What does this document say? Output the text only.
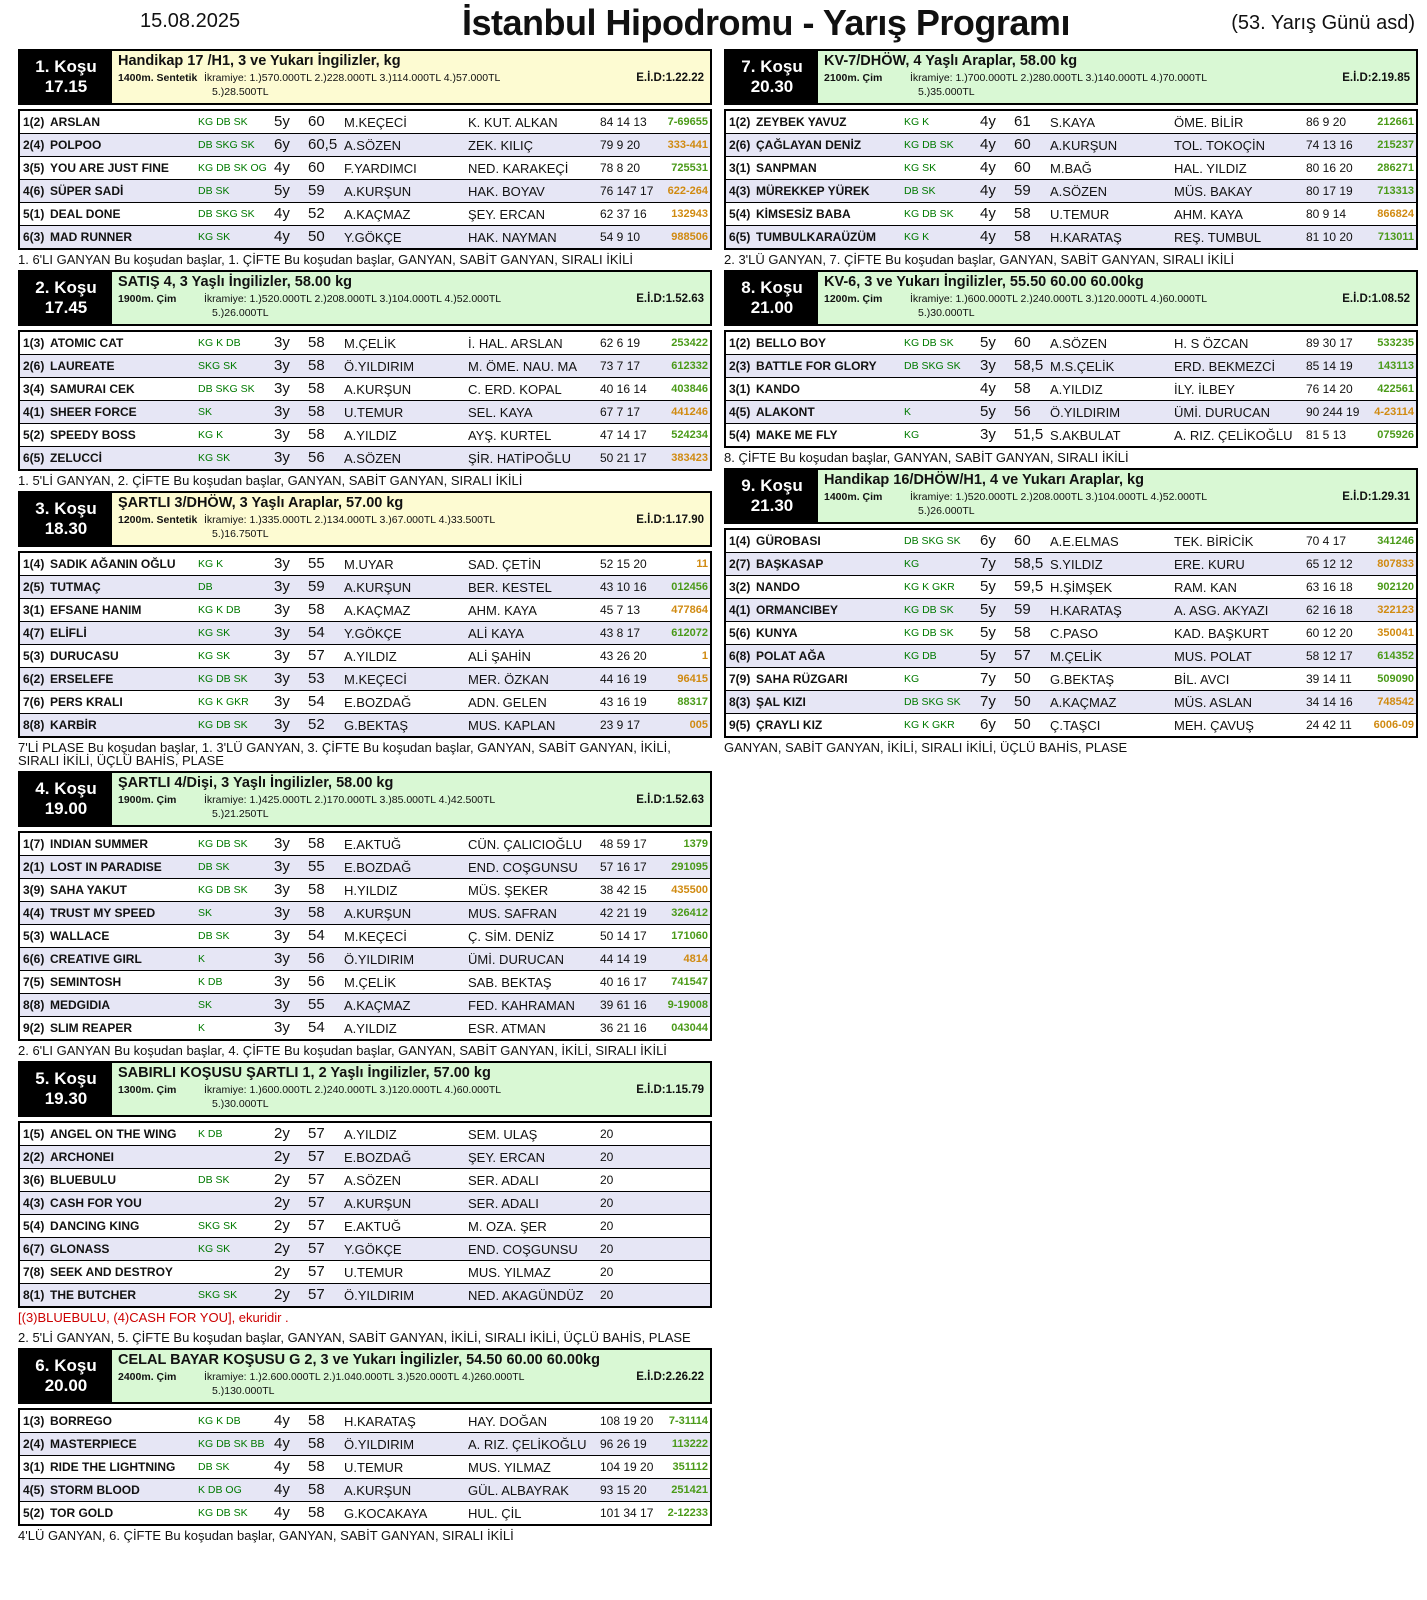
15.08.2025	İstanbul Hipodromu - Yarış Programı	(53. Yarış Günü asd)
1. Koşu
17.15
Handikap 17 /H1, 3 ve Yukarı İngilizler, kg
1400m. Sentetik İkramiye: 1.)570.000TL 2.)228.000TL 3.)114.000TL 4.)57.000TL
5.)28.500TL
E.İ.D:1.22.22
1(2) ARSLAN	KG DB SK 5y 60 M.KEÇECİ	K. KUT. ALKAN	84 14 13 7-69655
2(4) POLPOO	DB SKG SK 6y 60,5 A.SÖZEN	ZEK. KILIÇ	79 9 20	333-441
3(5) YOU ARE JUST FINE	KG DB SK OG 4y 60 F.YARDIMCI	NED. KARAKEÇİ	78 8 20	725531
4(6) SÜPER SADİ	DB SK	5y 59 A.KURŞUN	HAK. BOYAV	76 147 17 622-264
5(1) DEAL DONE	DB SKG SK 4y 52 A.KAÇMAZ	ŞEY. ERCAN	62 37 16 132943
6(3) MAD RUNNER	KG SK	4y 50 Y.GÖKÇE	HAK. NAYMAN	54 9 10	988506
1. 6'LI GANYAN Bu koşudan başlar, 1. ÇİFTE Bu koşudan başlar, GANYAN, SABİT GANYAN, SIRALI İKİLİ
2. Koşu
17.45
SATIŞ 4, 3 Yaşlı İngilizler, 58.00 kg
1900m. Çim	İkramiye: 1.)520.000TL 2.)208.000TL 3.)104.000TL 4.)52.000TL
5.)26.000TL
E.İ.D:1.52.63
1(3) ATOMIC CAT	KG K DB 3y 58 M.ÇELİK	İ. HAL. ARSLAN	62 6 19	253422
2(6) LAUREATE	SKG SK 3y 58 Ö.YILDIRIM	M. ÖME. NAU. MA 73 7 17	612332
3(4) SAMURAI CEK	DB SKG SK 3y 58 A.KURŞUN	C. ERD. KOPAL	40 16 14 403846
4(1) SHEER FORCE	SK	3y 58 U.TEMUR	SEL. KAYA	67 7 17	441246
5(2) SPEEDY BOSS	KG K	3y 58 A.YILDIZ	AYŞ. KURTEL	47 14 17 524234
6(5) ZELUCCİ	KG SK	3y 56 A.SÖZEN	ŞİR. HATİPOĞLU 50 21 17 383423
1. 5'Lİ GANYAN, 2. ÇİFTE Bu koşudan başlar, GANYAN, SABİT GANYAN, SIRALI İKİLİ
3. Koşu
18.30
ŞARTLI 3/DHÖW, 3 Yaşlı Araplar, 57.00 kg
1200m. Sentetik İkramiye: 1.)335.000TL 2.)134.000TL 3.)67.000TL 4.)33.500TL
5.)16.750TL
E.İ.D:1.17.90
1(4) SADIK AĞANIN OĞLU KG K	3y 55 M.UYAR	SAD. ÇETİN	52 15 20	11
2(5) TUTMAÇ	DB	3y 59 A.KURŞUN	BER. KESTEL	43 10 16 012456
3(1) EFSANE HANIM	KG K DB 3y 58 A.KAÇMAZ	AHM. KAYA	45 7 13	477864
4(7) ELİFLİ	KG SK	3y 54 Y.GÖKÇE	ALİ KAYA	43 8 17	612072
5(3) DURUCASU	KG SK	3y 57 A.YILDIZ	ALİ ŞAHİN	43 26 20	1
6(2) ERSELEFE	KG DB SK 3y 53 M.KEÇECİ	MER. ÖZKAN	44 16 19	96415
7(6) PERS KRALI	KG K GKR 3y 54 E.BOZDAĞ	ADN. GELEN	43 16 19	88317
8(8) KARBİR	KG DB SK 3y 52 G.BEKTAŞ	MUS. KAPLAN	23 9 17	005
7'Lİ PLASE Bu koşudan başlar, 1. 3'LÜ GANYAN, 3. ÇİFTE Bu koşudan başlar, GANYAN, SABİT GANYAN, İKİLİ, SIRALI İKİLİ, ÜÇLÜ BAHİS, PLASE
4. Koşu
19.00
ŞARTLI 4/Dişi, 3 Yaşlı İngilizler, 58.00 kg
1900m. Çim	İkramiye: 1.)425.000TL 2.)170.000TL 3.)85.000TL 4.)42.500TL
5.)21.250TL
E.İ.D:1.52.63
1(7) INDIAN SUMMER	KG DB SK 3y 58 E.AKTUĞ	CÜN. ÇALICIOĞLU 48 59 17	1379
2(1) LOST IN PARADISE	DB SK	3y 55 E.BOZDAĞ	END. COŞGUNSU 57 16 17 291095
3(9) SAHA YAKUT	KG DB SK 3y 58 H.YILDIZ	MÜS. ŞEKER	38 42 15 435500
4(4) TRUST MY SPEED	SK	3y 58 A.KURŞUN	MUS. SAFRAN	42 21 19 326412
5(3) WALLACE	DB SK	3y 54 M.KEÇECİ	Ç. SİM. DENİZ	50 14 17 171060
6(6) CREATIVE GIRL	K	3y 56 Ö.YILDIRIM	ÜMİ. DURUCAN	44 14 19	4814
7(5) SEMINTOSH	K DB	3y 56 M.ÇELİK	SAB. BEKTAŞ	40 16 17 741547
8(8) MEDGIDIA	SK	3y 55 A.KAÇMAZ	FED. KAHRAMAN 39 61 16 9-19008
9(2) SLIM REAPER	K	3y 54 A.YILDIZ	ESR. ATMAN	36 21 16 043044
2. 6'LI GANYAN Bu koşudan başlar, 4. ÇİFTE Bu koşudan başlar, GANYAN, SABİT GANYAN, İKİLİ, SIRALI İKİLİ
5. Koşu
19.30
SABIRLI KOŞUSU ŞARTLI 1, 2 Yaşlı İngilizler, 57.00 kg
1300m. Çim	İkramiye: 1.)600.000TL 2.)240.000TL 3.)120.000TL 4.)60.000TL
5.)30.000TL
E.İ.D:1.15.79
1(5) ANGEL ON THE WING K DB	2y 57 A.YILDIZ	SEM. ULAŞ	20
2(2) ARCHONEI	2y 57 E.BOZDAĞ	ŞEY. ERCAN	20
3(6) BLUEBULU	DB SK	2y 57 A.SÖZEN	SER. ADALI	20
4(3) CASH FOR YOU	2y 57 A.KURŞUN	SER. ADALI	20
5(4) DANCING KING	SKG SK 2y 57 E.AKTUĞ	M. OZA. ŞER	20
6(7) GLONASS	KG SK	2y 57 Y.GÖKÇE	END. COŞGUNSU 20
7(8) SEEK AND DESTROY	2y 57 U.TEMUR	MUS. YILMAZ	20
8(1) THE BUTCHER	SKG SK 2y 57 Ö.YILDIRIM	NED. AKAGÜNDÜZ 20
[(3)BLUEBULU, (4)CASH FOR YOU], ekuridir .
2. 5'Lİ GANYAN, 5. ÇİFTE Bu koşudan başlar, GANYAN, SABİT GANYAN, İKİLİ, SIRALI İKİLİ, ÜÇLÜ BAHİS, PLASE
6. Koşu
20.00
CELAL BAYAR KOŞUSU G 2, 3 ve Yukarı İngilizler, 54.50 60.00 60.00kg
2400m. Çim	İkramiye: 1.)2.600.000TL 2.)1.040.000TL 3.)520.000TL 4.)260.000TL
5.)130.000TL
E.İ.D:2.26.22
1(3) BORREGO	KG K DB 4y 58 H.KARATAŞ	HAY. DOĞAN	108 19 20 7-31114
2(4) MASTERPIECE	KG DB SK BB 4y 58 Ö.YILDIRIM	A. RIZ. ÇELİKOĞLU 96 26 19 113222
3(1) RIDE THE LIGHTNING DB SK	4y 58 U.TEMUR	MUS. YILMAZ	104 19 20 351112
4(5) STORM BLOOD	K DB OG 4y 58 A.KURŞUN	GÜL. ALBAYRAK	93 15 20 251421
5(2) TOR GOLD	KG DB SK 4y 58 G.KOCAKAYA	HUL. ÇİL	101 34 17 2-12233
4'LÜ GANYAN, 6. ÇİFTE Bu koşudan başlar, GANYAN, SABİT GANYAN, SIRALI İKİLİ
7. Koşu
20.30
KV-7/DHÖW, 4 Yaşlı Araplar, 58.00 kg
2100m. Çim	İkramiye: 1.)700.000TL 2.)280.000TL 3.)140.000TL 4.)70.000TL
5.)35.000TL
E.İ.D:2.19.85
1(2) ZEYBEK YAVUZ	KG K	4y 61 S.KAYA	ÖME. BİLİR	86 9 20	212661
2(6) ÇAĞLAYAN DENİZ	KG DB SK 4y 60 A.KURŞUN	TOL. TOKOÇİN	74 13 16 215237
3(1) SANPMAN	KG SK	4y 60 M.BAĞ	HAL. YILDIZ	80 16 20 286271
4(3) MÜREKKEP YÜREK	DB SK	4y 59 A.SÖZEN	MÜS. BAKAY	80 17 19 713313
5(4) KİMSESİZ BABA	KG DB SK 4y 58 U.TEMUR	AHM. KAYA	80 9 14	866824
6(5) TUMBULKARAÜZÜM	KG K	4y 58 H.KARATAŞ	REŞ. TUMBUL	81 10 20 713011
2. 3'LÜ GANYAN, 7. ÇİFTE Bu koşudan başlar, GANYAN, SABİT GANYAN, SIRALI İKİLİ
8. Koşu
21.00
KV-6, 3 ve Yukarı İngilizler, 55.50 60.00 60.00kg
1200m. Çim	İkramiye: 1.)600.000TL 2.)240.000TL 3.)120.000TL 4.)60.000TL
5.)30.000TL
E.İ.D:1.08.52
1(2) BELLO BOY	KG DB SK 5y 60 A.SÖZEN	H. S ÖZCAN	89 30 17 533235
2(3) BATTLE FOR GLORY	DB SKG SK 3y 58,5 M.S.ÇELİK	ERD. BEKMEZCİ	85 14 19 143113
3(1) KANDO	4y 58 A.YILDIZ	İLY. İLBEY	76 14 20 422561
4(5) ALAKONT	K	5y 56 Ö.YILDIRIM	ÜMİ. DURUCAN	90 244 19 4-23114
5(4) MAKE ME FLY	KG	3y 51,5 S.AKBULAT	A. RIZ. ÇELİKOĞLU 81 5 13	075926
8. ÇİFTE Bu koşudan başlar, GANYAN, SABİT GANYAN, SIRALI İKİLİ
9. Koşu
21.30
Handikap 16/DHÖW/H1, 4 ve Yukarı Araplar, kg
1400m. Çim	İkramiye: 1.)520.000TL 2.)208.000TL 3.)104.000TL 4.)52.000TL
5.)26.000TL
E.İ.D:1.29.31
1(4) GÜROBASI	DB SKG SK 6y 60 A.E.ELMAS	TEK. BİRİCİK	70 4 17	341246
2(7) BAŞKASAP	KG	7y 58,5 S.YILDIZ	ERE. KURU	65 12 12 807833
3(2) NANDO	KG K GKR 5y 59,5 H.ŞİMŞEK	RAM. KAN	63 16 18 902120
4(1) ORMANCIBEY	KG DB SK 5y 59 H.KARATAŞ	A. ASG. AKYAZI	62 16 18 322123
5(6) KUNYA	KG DB SK 5y 58 C.PASO	KAD. BAŞKURT	60 12 20 350041
6(8) POLAT AĞA	KG DB	5y 57 M.ÇELİK	MUS. POLAT	58 12 17 614352
7(9) SAHA RÜZGARI	KG	7y 50 G.BEKTAŞ	BİL. AVCI	39 14 11 509090
8(3) ŞAL KIZI	DB SKG SK 7y 50 A.KAÇMAZ	MÜS. ASLAN	34 14 16 748542
9(5) ÇRAYLI KIZ	KG K GKR 6y 50 Ç.TAŞCI	MEH. ÇAVUŞ	24 42 11 6006-09
GANYAN, SABİT GANYAN, İKİLİ, SIRALI İKİLİ, ÜÇLÜ BAHİS, PLASE
